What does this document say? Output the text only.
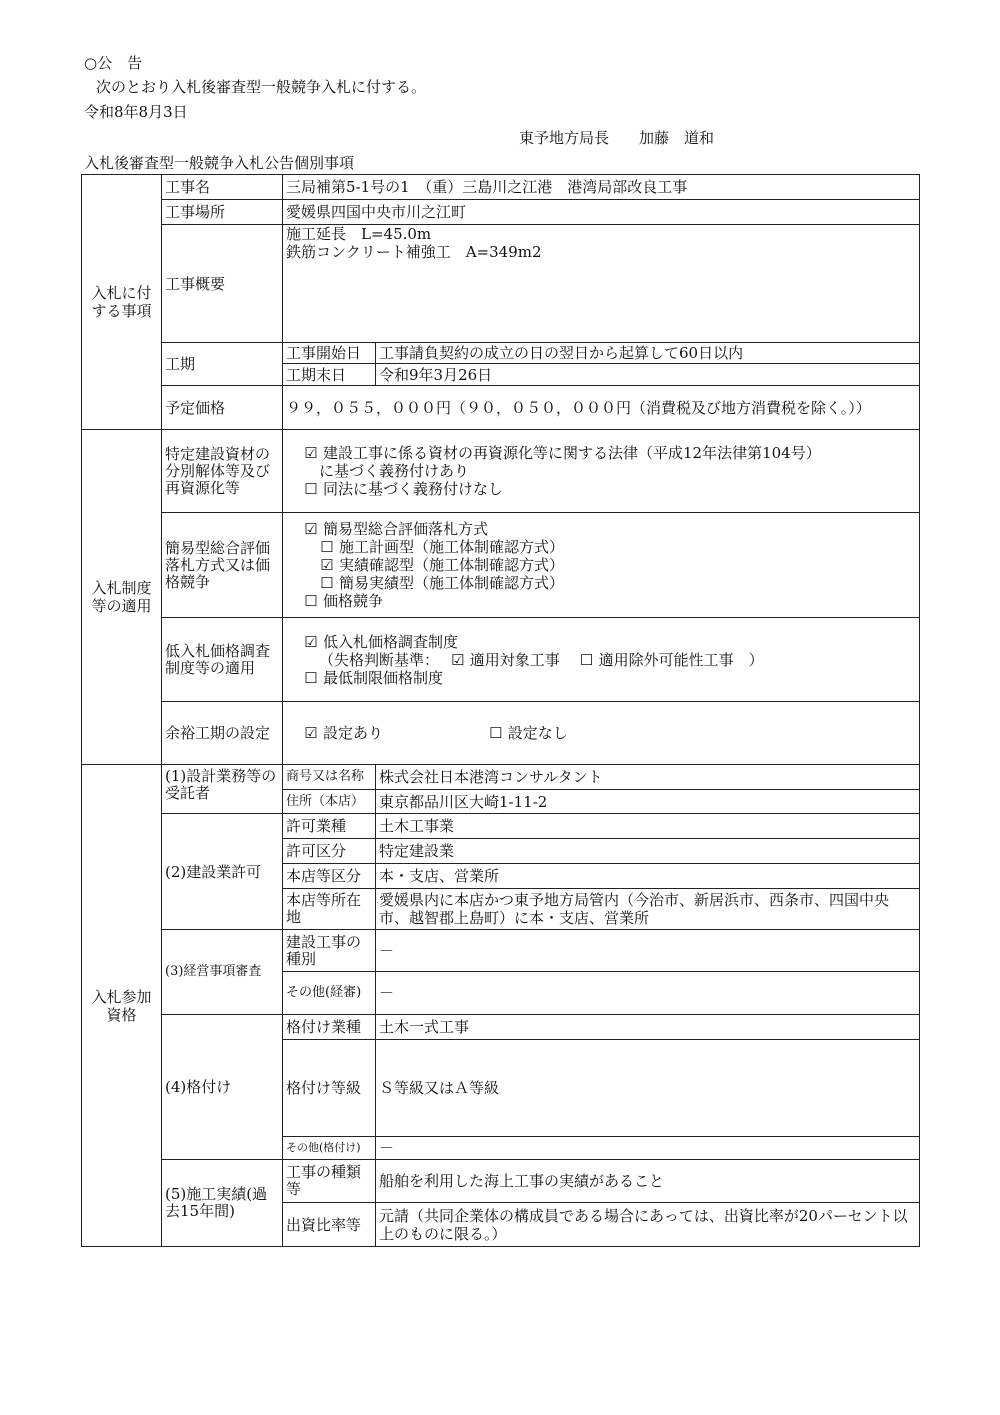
○公　告
次のとおり入札後審査型一般競争入札に付する。
令和8年8月3日
東予地方局長　　加藤　道和
入札後審査型一般競争入札公告個別事項
入札に付する事項	工事名	三局補第5-1号の1　（重）三島川之江港　港湾局部改良工事	
	工事場所	愛媛県四国中央市川之江町	
	工事概要	施工延長　L=45.0m
鉄筋コンクリート補強工　A=349m2	

	工期	工事開始日	工事請負契約の成立の日の翌日から起算して60日以内
		工期末日	令和9年3月26日
	予定価格	９９，０５５，０００円（９０，０５０，０００円（消費税及び地方消費税を除く。））	
入札制度等の適用	特定建設資材の分別解体等及び再資源化等	☑ 建設工事に係る資材の再資源化等に関する法律（平成12年法律第104号）
に基づく義務付けあり
☐ 同法に基づく義務付けなし	

	簡易型総合評価落札方式又は価格競争	☑ 簡易型総合評価落札方式
☐ 施工計画型（施工体制確認方式）
☑ 実績確認型（施工体制確認方式）
☐ 簡易実績型（施工体制確認方式）
☐ 価格競争	

	低入札価格調査制度等の適用	☑ 低入札価格調査制度
（失格判断基準： ☑ 適用対象工事 ☐ 適用除外可能性工事　）
☐ 最低制限価格制度	

	余裕工期の設定	☑ 設定あり ☐ 設定なし	
入札参加資格	(1)設計業務等の受託者	商号又は名称	株式会社日本港湾コンサルタント
		住所（本店）	東京都品川区大崎1-11-2
	(2)建設業許可	許可業種	土木工事業
		許可区分	特定建設業
		本店等区分	本・支店、営業所
		本店等所在地	愛媛県内に本店かつ東予地方局管内（今治市、新居浜市、西条市、四国中央市、越智郡上島町）に本・支店、営業所
	(3)経営事項審査	建設工事の種別	－
		その他(経審)	－
	(4)格付け	格付け業種	土木一式工事
		格付け等級	Ｓ等級又はＡ等級
		その他(格付け)	－
	(5)施工実績(過去15年間)	工事の種類等	船舶を利用した海上工事の実績があること
		出資比率等	元請（共同企業体の構成員である場合にあっては、出資比率が20パーセント以上のものに限る。）
